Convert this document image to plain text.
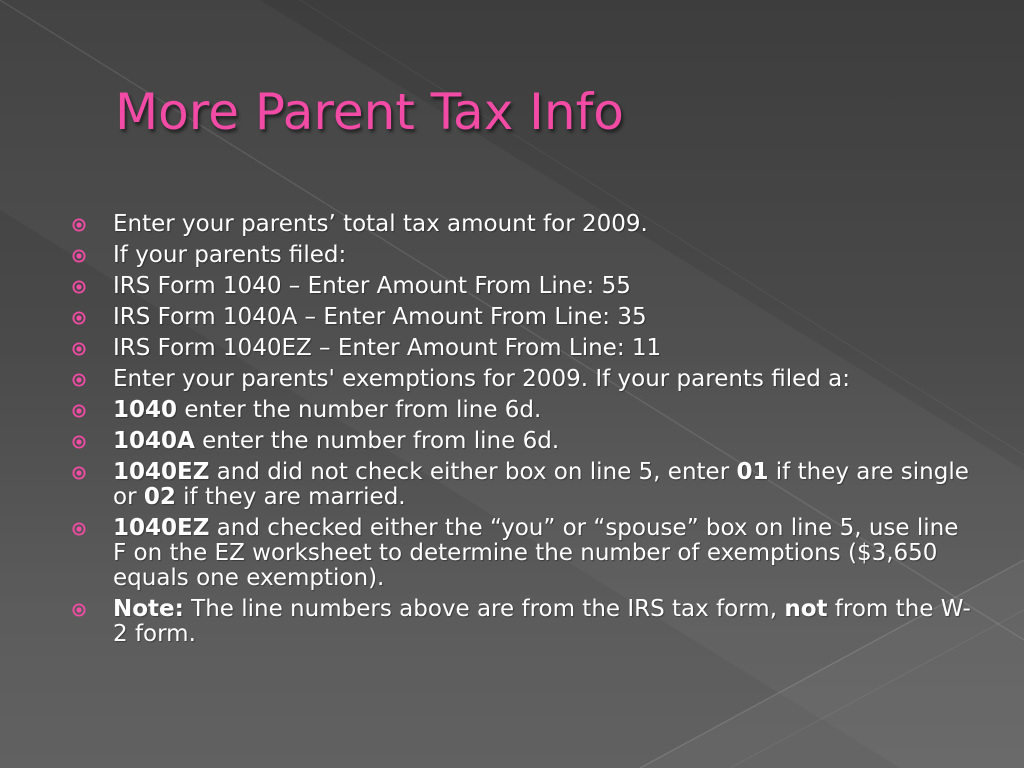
More Parent Tax Info
Enter your parents’ total tax amount for 2009.
If your parents filed:
IRS Form 1040 – Enter Amount From Line: 55
IRS Form 1040A – Enter Amount From Line: 35
IRS Form 1040EZ – Enter Amount From Line: 11
Enter your parents' exemptions for 2009. If your parents filed a:
1040 enter the number from line 6d.
1040A enter the number from line 6d.
1040EZ and did not check either box on line 5, enter 01 if they are single or 02 if they are married.
1040EZ and checked either the “you” or “spouse” box on line 5, use line F on the EZ worksheet to determine the number of exemptions ($3,650 equals one exemption).
Note: The line numbers above are from the IRS tax form, not from the W-2 form.
